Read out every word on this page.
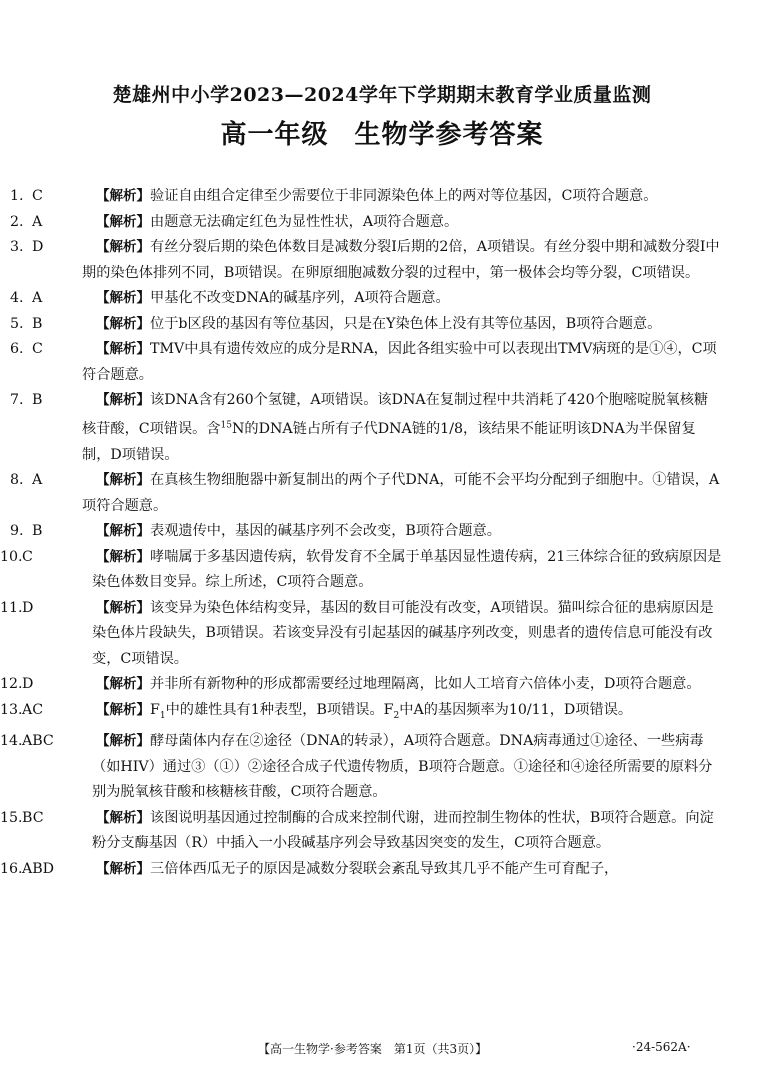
楚雄州中小学2023—2024学年下学期期末教育学业质量监测
高一年级 生物学参考答案

1. C	【解析】验证自由组合定律至少需要位于非同源染色体上的两对等位基因，C项符合题意。

2. A	【解析】由题意无法确定红色为显性性状，A项符合题意。

3. D	【解析】有丝分裂后期的染色体数目是减数分裂Ⅰ后期的2倍，A项错误。有丝分裂中期和减数分裂Ⅰ中期的染色体排列不同，B项错误。在卵原细胞减数分裂的过程中，第一极体会均等分裂，C项错误。

4. A	【解析】甲基化不改变DNA的碱基序列，A项符合题意。

5. B	【解析】位于b区段的基因有等位基因，只是在Y染色体上没有其等位基因，B项符合题意。

6. C	【解析】TMV中具有遗传效应的成分是RNA，因此各组实验中可以表现出TMV病斑的是①④，C项符合题意。

7. B	【解析】该DNA含有260个氢键，A项错误。该DNA在复制过程中共消耗了420个胞嘧啶脱氧核糖核苷酸，C项错误。含$^{15}$N的DNA链占所有子代DNA链的1/8，该结果不能证明该DNA为半保留复制，D项错误。

8. A	【解析】在真核生物细胞器中新复制出的两个子代DNA，可能不会平均分配到子细胞中。①错误，A项符合题意。

9. B	【解析】表观遗传中，基因的碱基序列不会改变，B项符合题意。

10.C	【解析】哮喘属于多基因遗传病，软骨发育不全属于单基因显性遗传病，21三体综合征的致病原因是染色体数目变异。综上所述，C项符合题意。

11.D	【解析】该变异为染色体结构变异，基因的数目可能没有改变，A项错误。猫叫综合征的患病原因是染色体片段缺失，B项错误。若该变异没有引起基因的碱基序列改变，则患者的遗传信息可能没有改变，C项错误。

12.D	【解析】并非所有新物种的形成都需要经过地理隔离，比如人工培育六倍体小麦，D项符合题意。

13.AC	【解析】$F_1$中的雄性具有1种表型，B项错误。$F_2$中A的基因频率为10/11，D项错误。

14.ABC	【解析】酵母菌体内存在②途径（DNA的转录），A项符合题意。DNA病毒通过①途径、一些病毒（如HIV）通过③（①）②途径合成子代遗传物质，B项符合题意。①途径和④途径所需要的原料分别为脱氧核苷酸和核糖核苷酸，C项符合题意。

15.BC	【解析】该图说明基因通过控制酶的合成来控制代谢，进而控制生物体的性状，B项符合题意。向淀粉分支酶基因（R）中插入一小段碱基序列会导致基因突变的发生，C项符合题意。

16.ABD	【解析】三倍体西瓜无子的原因是减数分裂联会紊乱导致其几乎不能产生可育配子，

【高一生物学·参考答案　第1页（共3页）】	·24-562A·
